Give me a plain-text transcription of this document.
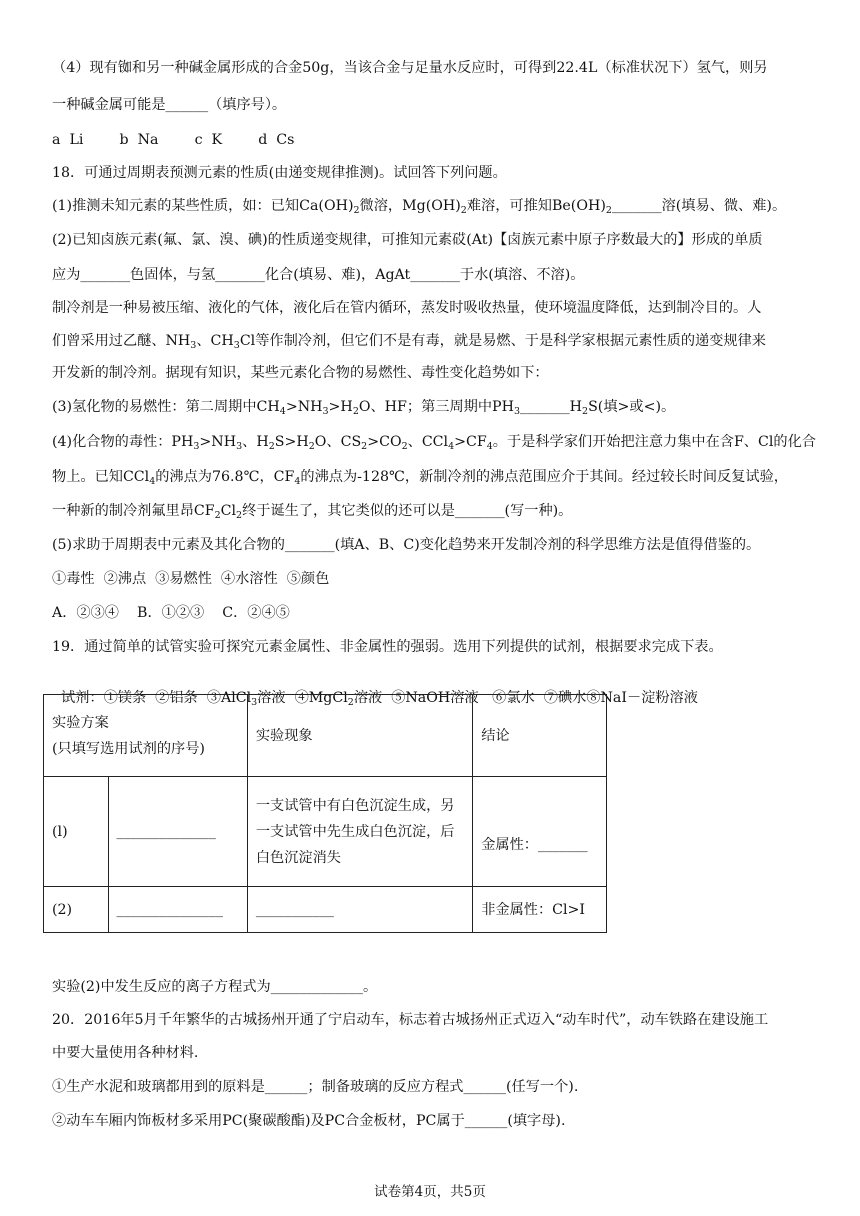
（4）现有铷和另一种碱金属形成的合金50g，当该合金与足量水反应时，可得到22.4L（标准状况下）氢气，则另
一种碱金属可能是______（填序号）。
a  Li        b  Na        c  K        d  Cs
18．可通过周期表预测元素的性质(由递变规律推测)。试回答下列问题。
(1)推测未知元素的某些性质，如：已知$Ca(OH)_2$微溶，$Mg(OH)_2$难溶，可推知$Be(OH)_2\_\_\_\_\_\_\_$溶(填易、微、难)。
(2)已知卤族元素(氟、氯、溴、碘)的性质递变规律，可推知元素砹(At)【卤族元素中原子序数最大的】形成的单质
应为_______色固体，与氢_______化合(填易、难)，AgAt_______于水(填溶、不溶)。
制冷剂是一种易被压缩、液化的气体，液化后在管内循环，蒸发时吸收热量，使环境温度降低，达到制冷目的。人
们曾采用过乙醚、$NH_3$、$CH_3Cl$等作制冷剂，但它们不是有毒，就是易燃、于是科学家根据元素性质的递变规律来
开发新的制冷剂。据现有知识，某些元素化合物的易燃性、毒性变化趋势如下：
(3)氢化物的易燃性：第二周期中$CH_4>NH_3>H_2O$、HF；第三周期中$PH_3\_\_\_\_\_\_\_H_2S$(填>或<)。
(4)化合物的毒性：$PH_3>NH_3$、$H_2S>H_2O$、$CS_2>CO_2$、$CCl_4>CF_4$。于是科学家们开始把注意力集中在含F、Cl的化合
物上。已知CCl$_4$的沸点为76.8℃，$CF_4$的沸点为-128℃，新制冷剂的沸点范围应介于其间。经过较长时间反复试验，
一种新的制冷剂氟里昂$CF_2Cl_2$终于诞生了，其它类似的还可以是_______(写一种)。
(5)求助于周期表中元素及其化合物的_______(填A、B、C)变化趋势来开发制冷剂的科学思维方法是值得借鉴的。
①毒性  ②沸点  ③易燃性  ④水溶性  ⑤颜色
A．②③④    B．①②③    C．②④⑤
19．通过简单的试管实验可探究元素金属性、非金属性的强弱。选用下列提供的试剂，根据要求完成下表。

试剂：①镁条  ②铝条  ③AlCl$_3$溶液  ④MgCl$_2$溶液  ⑤NaOH溶液   ⑥氯水  ⑦碘水⑧NaI－淀粉溶液

实验方案
(只填写选用试剂的序号)		实验现象	结论
(l)	______________	一支试管中有白色沉淀生成，另
一支试管中先生成白色沉淀，后
白色沉淀消失	金属性：_______
(2)	_______________	___________	非金属性：Cl>I
实验(2)中发生反应的离子方程式为_____________。
20．2016年5月千年繁华的古城扬州开通了宁启动车，标志着古城扬州正式迈入“动车时代”，动车铁路在建设施工
中要大量使用各种材料.
①生产水泥和玻璃都用到的原料是______；制备玻璃的反应方程式______(任写一个).
②动车车厢内饰板材多采用PC(聚碳酸酯)及PC合金板材，PC属于______(填字母).
试卷第4页，共5页
